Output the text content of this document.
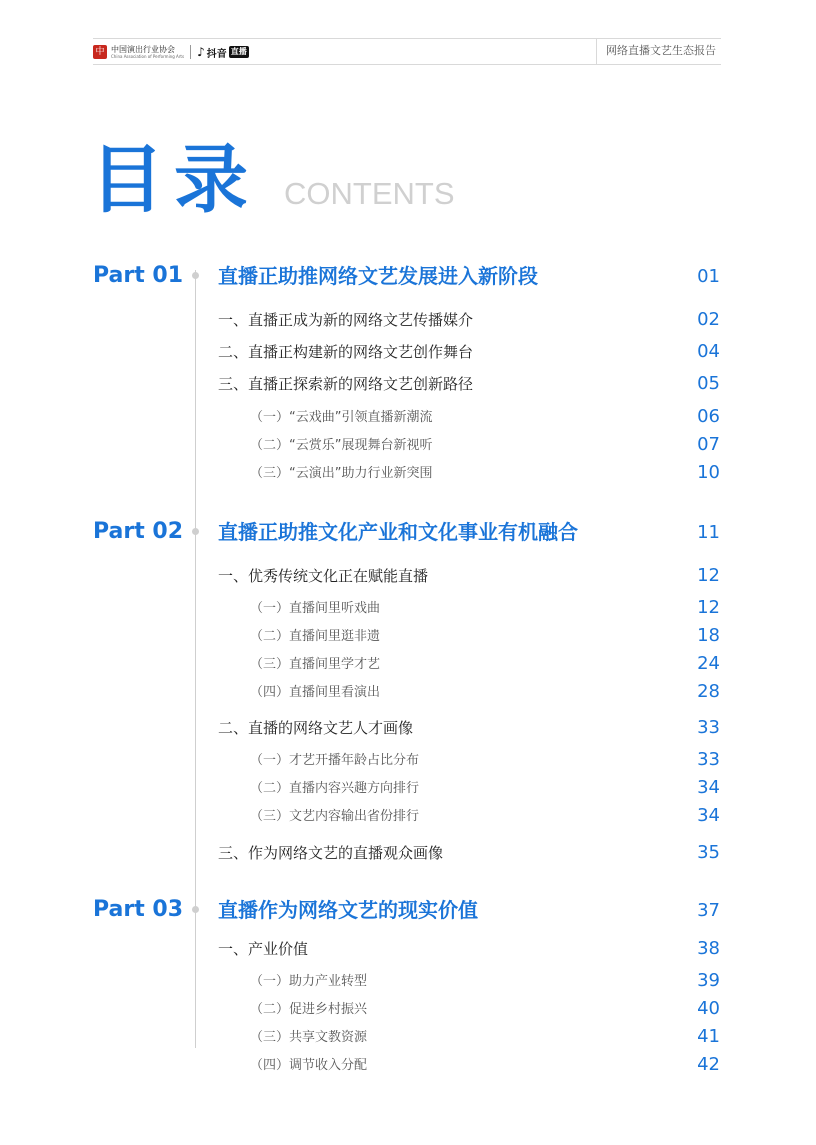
中 中国演出行业协会
China Association of Performing Arts ♪ 抖音 直播	网络直播文艺生态报告
目录 CONTENTS
Part 01 直播正助推网络文艺发展进入新阶段	01
一、直播正成为新的网络文艺传播媒介	02
二、直播正构建新的网络文艺创作舞台	04
三、直播正探索新的网络文艺创新路径	05
（一）“云戏曲”引领直播新潮流	06
（二）“云赏乐”展现舞台新视听	07
（三）“云演出”助力行业新突围	10
Part 02 直播正助推文化产业和文化事业有机融合	11
一、优秀传统文化正在赋能直播	12
（一）直播间里听戏曲	12
（二）直播间里逛非遗	18
（三）直播间里学才艺	24
（四）直播间里看演出	28
二、直播的网络文艺人才画像	33
（一）才艺开播年龄占比分布	33
（二）直播内容兴趣方向排行	34
（三）文艺内容输出省份排行	34
三、作为网络文艺的直播观众画像	35
Part 03 直播作为网络文艺的现实价值	37
一、产业价值	38
（一）助力产业转型	39
（二）促进乡村振兴	40
（三）共享文教资源	41
（四）调节收入分配	42
